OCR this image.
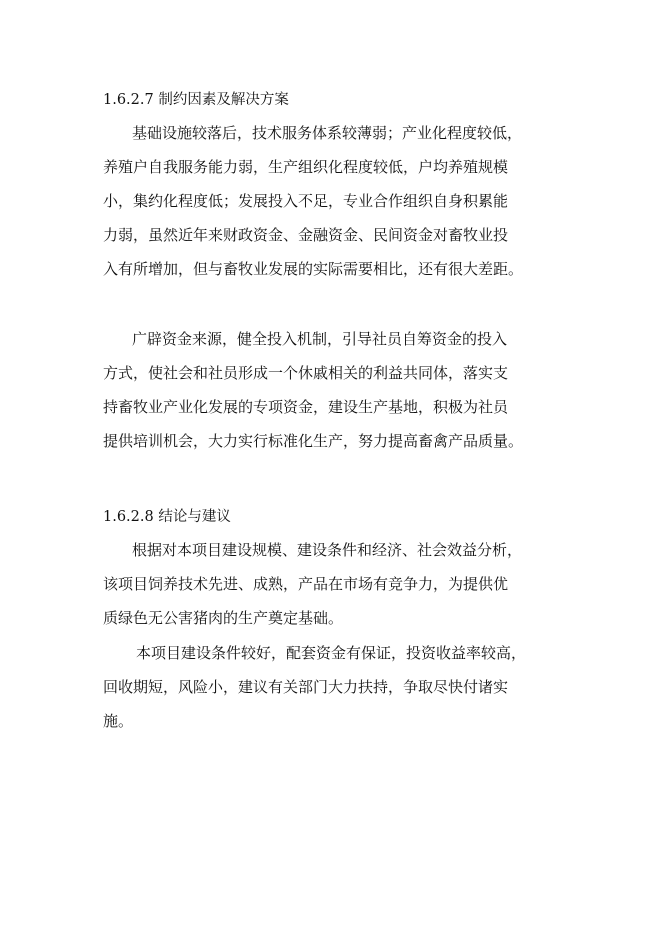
1.6.2.7 制约因素及解决方案
基础设施较落后，技术服务体系较薄弱；产业化程度较低，
养殖户自我服务能力弱，生产组织化程度较低，户均养殖规模
小，集约化程度低；发展投入不足，专业合作组织自身积累能
力弱，虽然近年来财政资金、金融资金、民间资金对畜牧业投
入有所增加，但与畜牧业发展的实际需要相比，还有很大差距。
广辟资金来源，健全投入机制，引导社员自筹资金的投入
方式，使社会和社员形成一个休戚相关的利益共同体，落实支
持畜牧业产业化发展的专项资金，建设生产基地，积极为社员
提供培训机会，大力实行标准化生产，努力提高畜禽产品质量。
1.6.2.8 结论与建议
根据对本项目建设规模、建设条件和经济、社会效益分析，
该项目饲养技术先进、成熟，产品在市场有竞争力，为提供优
质绿色无公害猪肉的生产奠定基础。
本项目建设条件较好，配套资金有保证，投资收益率较高，
回收期短，风险小，建议有关部门大力扶持，争取尽快付诸实
施。
